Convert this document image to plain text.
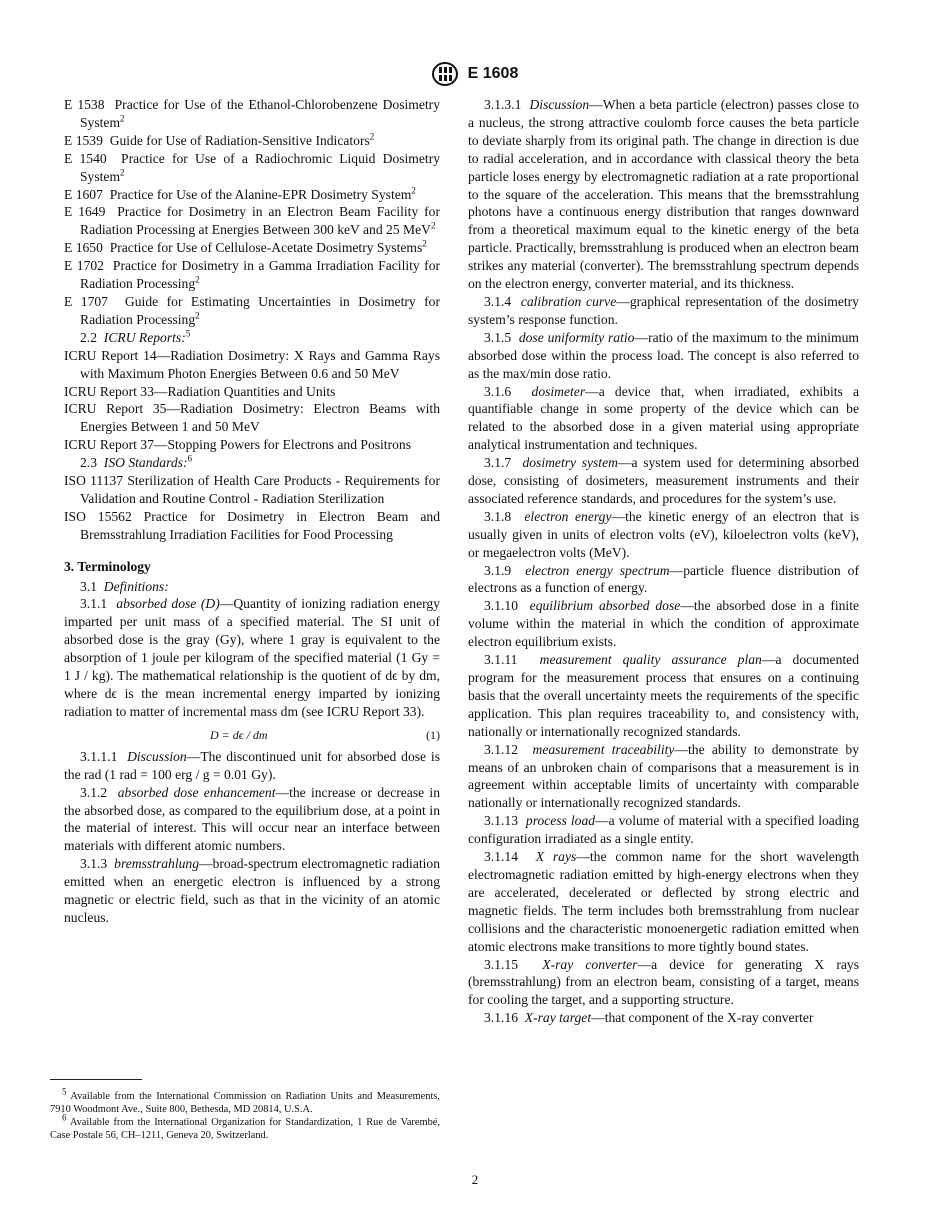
E 1608

E 1538 Practice for Use of the Ethanol-Chlorobenzene Dosimetry System$^2$

E 1539 Guide for Use of Radiation-Sensitive Indicators$^2$

E 1540 Practice for Use of a Radiochromic Liquid Dosimetry System$^2$

E 1607 Practice for Use of the Alanine-EPR Dosimetry System$^2$

E 1649 Practice for Dosimetry in an Electron Beam Facility for Radiation Processing at Energies Between 300 keV and 25 MeV$^2$

E 1650 Practice for Use of Cellulose-Acetate Dosimetry Systems$^2$

E 1702 Practice for Dosimetry in a Gamma Irradiation Facility for Radiation Processing$^2$

E 1707 Guide for Estimating Uncertainties in Dosimetry for Radiation Processing$^2$

2.2 ICRU Reports:$^5$

ICRU Report 14—Radiation Dosimetry: X Rays and Gamma Rays with Maximum Photon Energies Between 0.6 and 50 MeV

ICRU Report 33—Radiation Quantities and Units

ICRU Report 35—Radiation Dosimetry: Electron Beams with Energies Between 1 and 50 MeV

ICRU Report 37—Stopping Powers for Electrons and Positrons

2.3 ISO Standards:$^6$

ISO 11137 Sterilization of Health Care Products - Requirements for Validation and Routine Control - Radiation Sterilization

ISO 15562 Practice for Dosimetry in Electron Beam and Bremsstrahlung Irradiation Facilities for Food Processing

3. Terminology

3.1 Definitions:

3.1.1 absorbed dose (D)—Quantity of ionizing radiation energy imparted per unit mass of a specified material. The SI unit of absorbed dose is the gray (Gy), where 1 gray is equivalent to the absorption of 1 joule per kilogram of the specified material (1 Gy = 1 J / kg). The mathematical relationship is the quotient of dϵ by dm, where dϵ is the mean incremental energy imparted by ionizing radiation to matter of incremental mass dm (see ICRU Report 33).

D = dϵ / dm	(1)

3.1.1.1 Discussion—The discontinued unit for absorbed dose is the rad (1 rad = 100 erg / g = 0.01 Gy).

3.1.2 absorbed dose enhancement—the increase or decrease in the absorbed dose, as compared to the equilibrium dose, at a point in the material of interest. This will occur near an interface between materials with different atomic numbers.

3.1.3 bremsstrahlung—broad-spectrum electromagnetic radiation emitted when an energetic electron is influenced by a strong magnetic or electric field, such as that in the vicinity of an atomic nucleus.

3.1.3.1 Discussion—When a beta particle (electron) passes close to a nucleus, the strong attractive coulomb force causes the beta particle to deviate sharply from its original path. The change in direction is due to radial acceleration, and in accordance with classical theory the beta particle loses energy by electromagnetic radiation at a rate proportional to the square of the acceleration. This means that the bremsstrahlung photons have a continuous energy distribution that ranges downward from a theoretical maximum equal to the kinetic energy of the beta particle. Practically, bremsstrahlung is produced when an electron beam strikes any material (converter). The bremsstrahlung spectrum depends on the electron energy, converter material, and its thickness.

3.1.4 calibration curve—graphical representation of the dosimetry system’s response function.

3.1.5 dose uniformity ratio—ratio of the maximum to the minimum absorbed dose within the process load. The concept is also referred to as the max/min dose ratio.

3.1.6 dosimeter—a device that, when irradiated, exhibits a quantifiable change in some property of the device which can be related to the absorbed dose in a given material using appropriate analytical instrumentation and techniques.

3.1.7 dosimetry system—a system used for determining absorbed dose, consisting of dosimeters, measurement instruments and their associated reference standards, and procedures for the system’s use.

3.1.8 electron energy—the kinetic energy of an electron that is usually given in units of electron volts (eV), kiloelectron volts (keV), or megaelectron volts (MeV).

3.1.9 electron energy spectrum—particle fluence distribution of electrons as a function of energy.

3.1.10 equilibrium absorbed dose—the absorbed dose in a finite volume within the material in which the condition of approximate electron equilibrium exists.

3.1.11 measurement quality assurance plan—a documented program for the measurement process that ensures on a continuing basis that the overall uncertainty meets the requirements of the specific application. This plan requires traceability to, and consistency with, nationally or internationally recognized standards.

3.1.12 measurement traceability—the ability to demonstrate by means of an unbroken chain of comparisons that a measurement is in agreement within acceptable limits of uncertainty with comparable nationally or internationally recognized standards.

3.1.13 process load—a volume of material with a specified loading configuration irradiated as a single entity.

3.1.14 X rays—the common name for the short wavelength electromagnetic radiation emitted by high-energy electrons when they are accelerated, decelerated or deflected by strong electric and magnetic fields. The term includes both bremsstrahlung from nuclear collisions and the characteristic monoenergetic radiation emitted when atomic electrons make transitions to more tightly bound states.

3.1.15 X-ray converter—a device for generating X rays (bremsstrahlung) from an electron beam, consisting of a target, means for cooling the target, and a supporting structure.

3.1.16 X-ray target—that component of the X-ray converter

$^5$ Available from the International Commission on Radiation Units and Measurements, 7910 Woodmont Ave., Suite 800, Bethesda, MD 20814, U.S.A.

$^6$ Available from the International Organization for Standardization, 1 Rue de Varembé, Case Postale 56, CH–1211, Geneva 20, Switzerland.

2
